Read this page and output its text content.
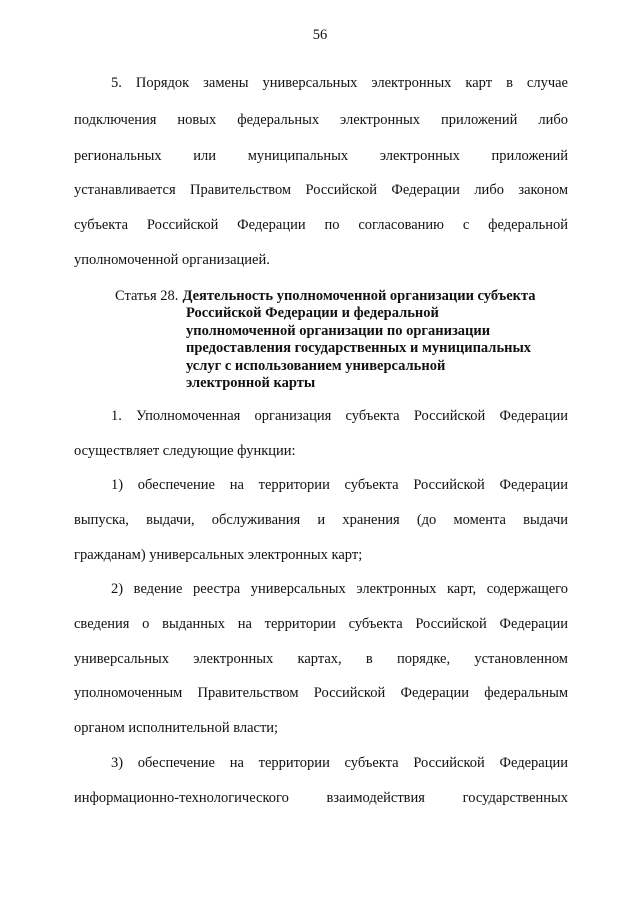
56
5. Порядок замены универсальных электронных карт в случае
подключения новых федеральных электронных приложений либо
региональных или муниципальных электронных приложений
устанавливается Правительством Российской Федерации либо законом
субъекта Российской Федерации по согласованию с федеральной
уполномоченной организацией.
Статья 28. Деятельность уполномоченной организации субъекта
Российской Федерации и федеральной
уполномоченной организации по организации
предоставления государственных и муниципальных
услуг с использованием универсальной
электронной карты
1. Уполномоченная организация субъекта Российской Федерации
осуществляет следующие функции:
1) обеспечение на территории субъекта Российской Федерации
выпуска, выдачи, обслуживания и хранения (до момента выдачи
гражданам) универсальных электронных карт;
2) ведение реестра универсальных электронных карт, содержащего
сведения о выданных на территории субъекта Российской Федерации
универсальных электронных картах, в порядке, установленном
уполномоченным Правительством Российской Федерации федеральным
органом исполнительной власти;
3) обеспечение на территории субъекта Российской Федерации
информационно-технологического взаимодействия государственных
